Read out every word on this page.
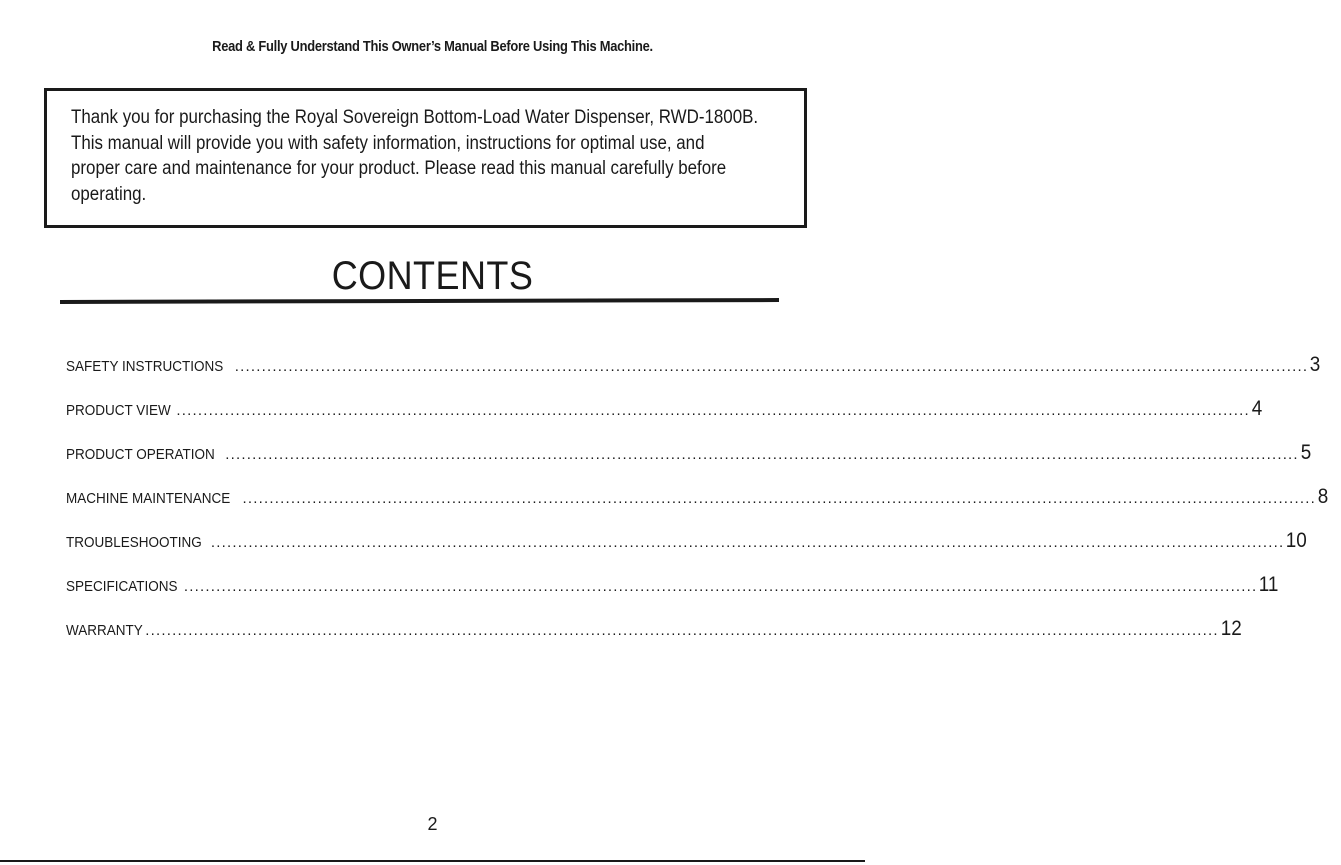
Read & Fully Understand This Owner’s Manual Before Using This Machine.
Thank you for purchasing the Royal Sovereign Bottom-Load Water Dispenser, RWD-1800B.
This manual will provide you with safety information, instructions for optimal use, and
proper care and maintenance for your product. Please read this manual carefully before
operating.
CONTENTS
SAFETY INSTRUCTIONS ........................................................................................................................................................................................................ 3
PRODUCT VIEW ........................................................................................................................................................................................................ 4
PRODUCT OPERATION ........................................................................................................................................................................................................ 5
MACHINE MAINTENANCE ........................................................................................................................................................................................................ 8
TROUBLESHOOTING ........................................................................................................................................................................................................ 10
SPECIFICATIONS ........................................................................................................................................................................................................ 11
WARRANTY ........................................................................................................................................................................................................ 12
2
